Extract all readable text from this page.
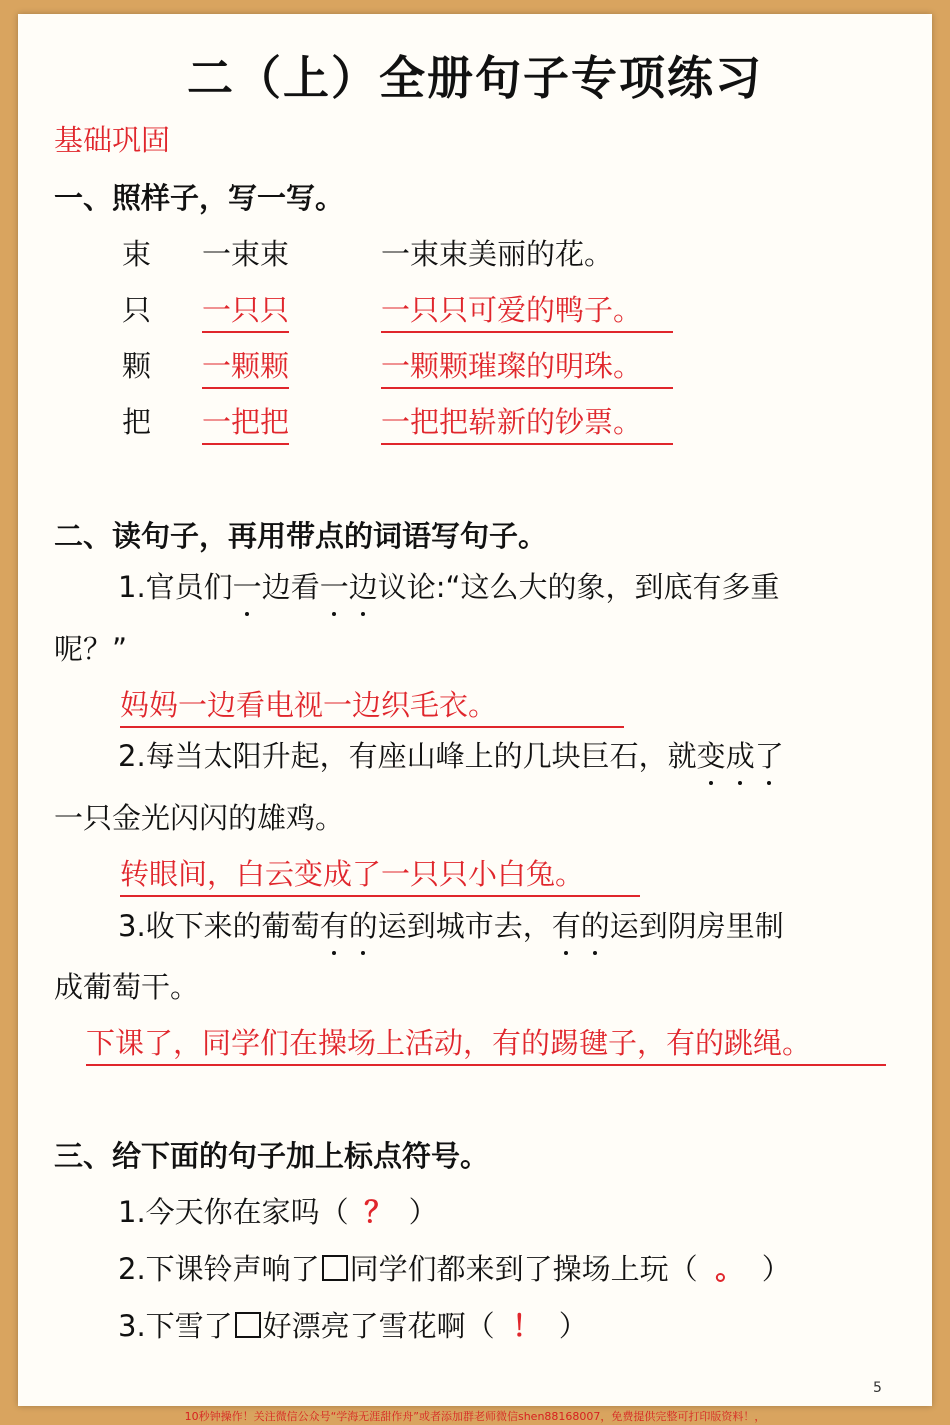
二（上）全册句子专项练习
基础巩固
一、照样子，写一写。
束 一束束	一束束美丽的花。
只 一只只	一只只可爱的鸭子。
颗 一颗颗	一颗颗璀璨的明珠。
把 一把把	一把把崭新的钞票。
二、读句子，再用带点的词语写句子。
1.官员们一边看一边议论:“这么大的象，到底有多重
呢？”
妈妈一边看电视一边织毛衣。
2.每当太阳升起，有座山峰上的几块巨石，就变成了
一只金光闪闪的雄鸡。
转眼间，白云变成了一只只小白兔。
3.收下来的葡萄有的运到城市去，有的运到阴房里制
成葡萄干。
下课了，同学们在操场上活动，有的踢毽子，有的跳绳。
三、给下面的句子加上标点符号。
1.今天你在家吗（ ？ ）
2.下课铃声响了 同学们都来到了操场上玩（ 。 ）
3.下雪了 好漂亮了雪花啊（ ！ ）
5
10秒钟操作！关注微信公众号“学海无涯甜作舟”或者添加群老师微信shen88168007，免费提供完整可打印版资料！，
